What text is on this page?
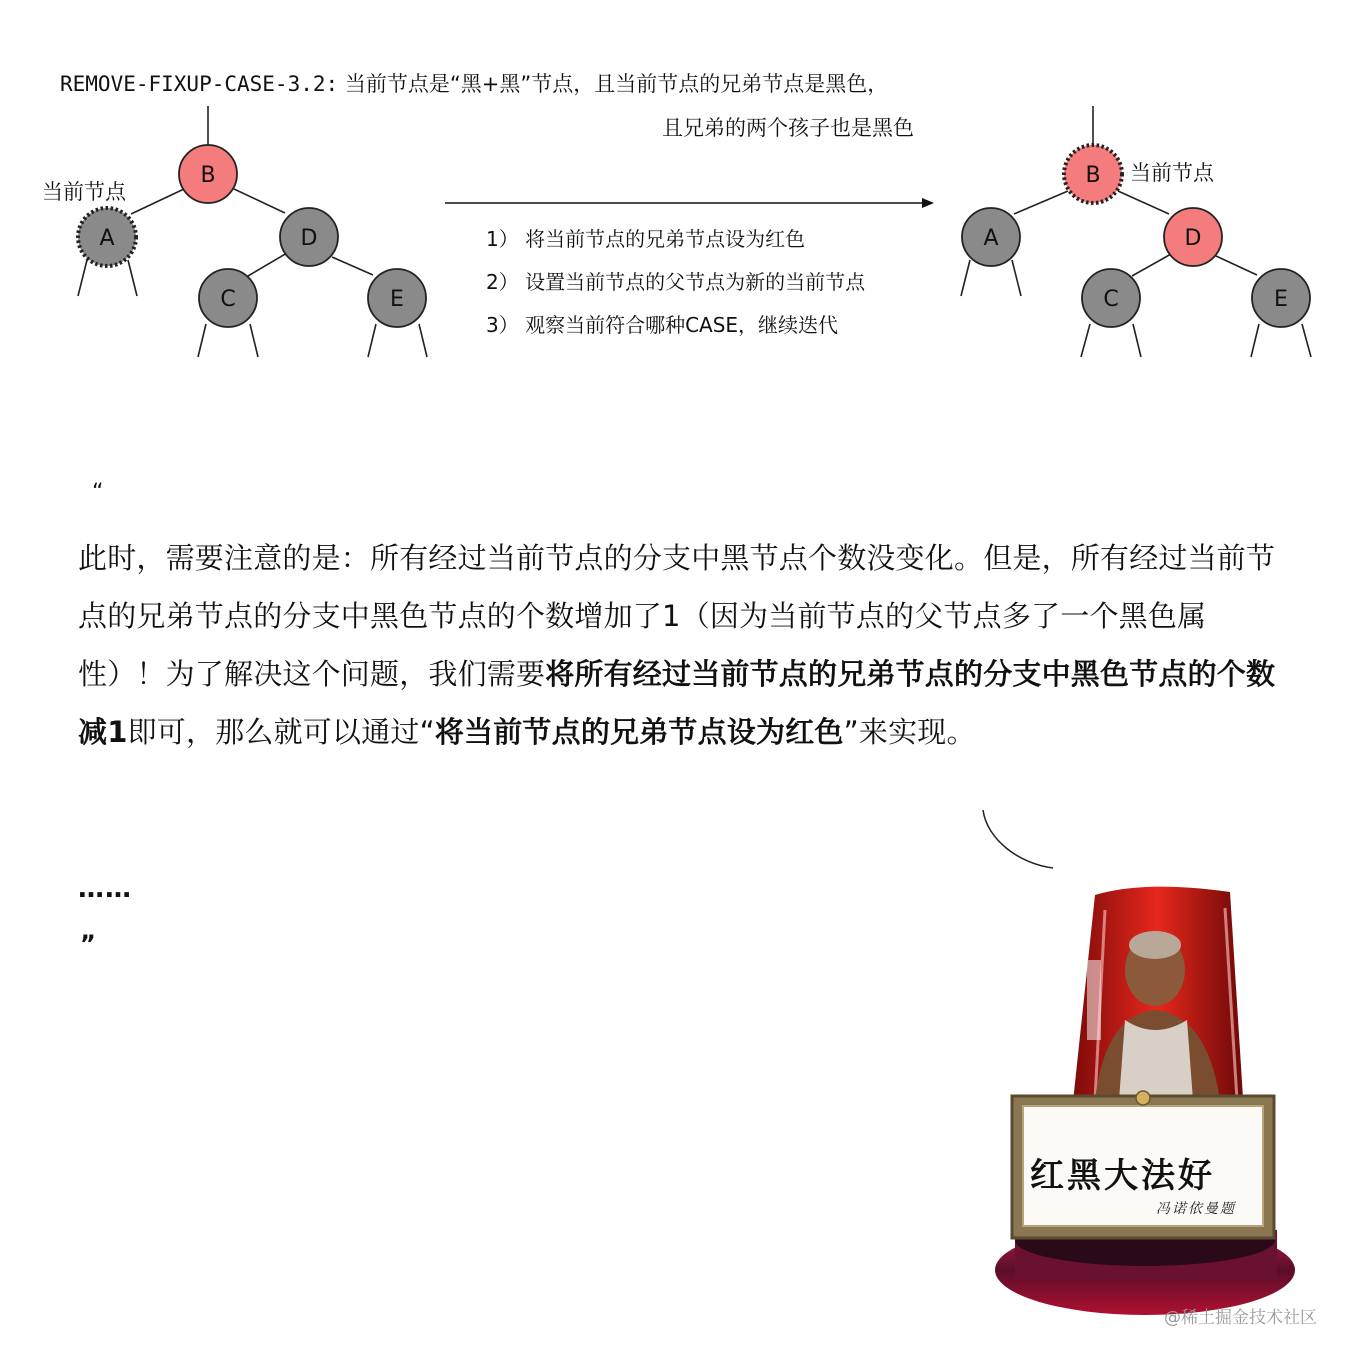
B
A	D
C	E
B
A	D
C	E
1） 将当前节点的兄弟节点设为红色
2） 设置当前节点的父节点为新的当前节点
3） 观察当前符合哪种CASE，继续迭代
REMOVE-FIXUP-CASE-3.2: 当前节点是“黑+黑”节点，且当前节点的兄弟节点是黑色，
且兄弟的两个孩子也是黑色
当前节点
当前节点
“
此时，需要注意的是：所有经过当前节点的分支中黑节点个数没变化。但是，所有经过当前节点的兄弟节点的分支中黑色节点的个数增加了1（因为当前节点的父节点多了一个黑色属性）！为了解决这个问题，我们需要将所有经过当前节点的兄弟节点的分支中黑色节点的个数减1即可，那么就可以通过“将当前节点的兄弟节点设为红色”来实现。
……
”
红黑大法好
冯诺依曼题
@稀土掘金技术社区
